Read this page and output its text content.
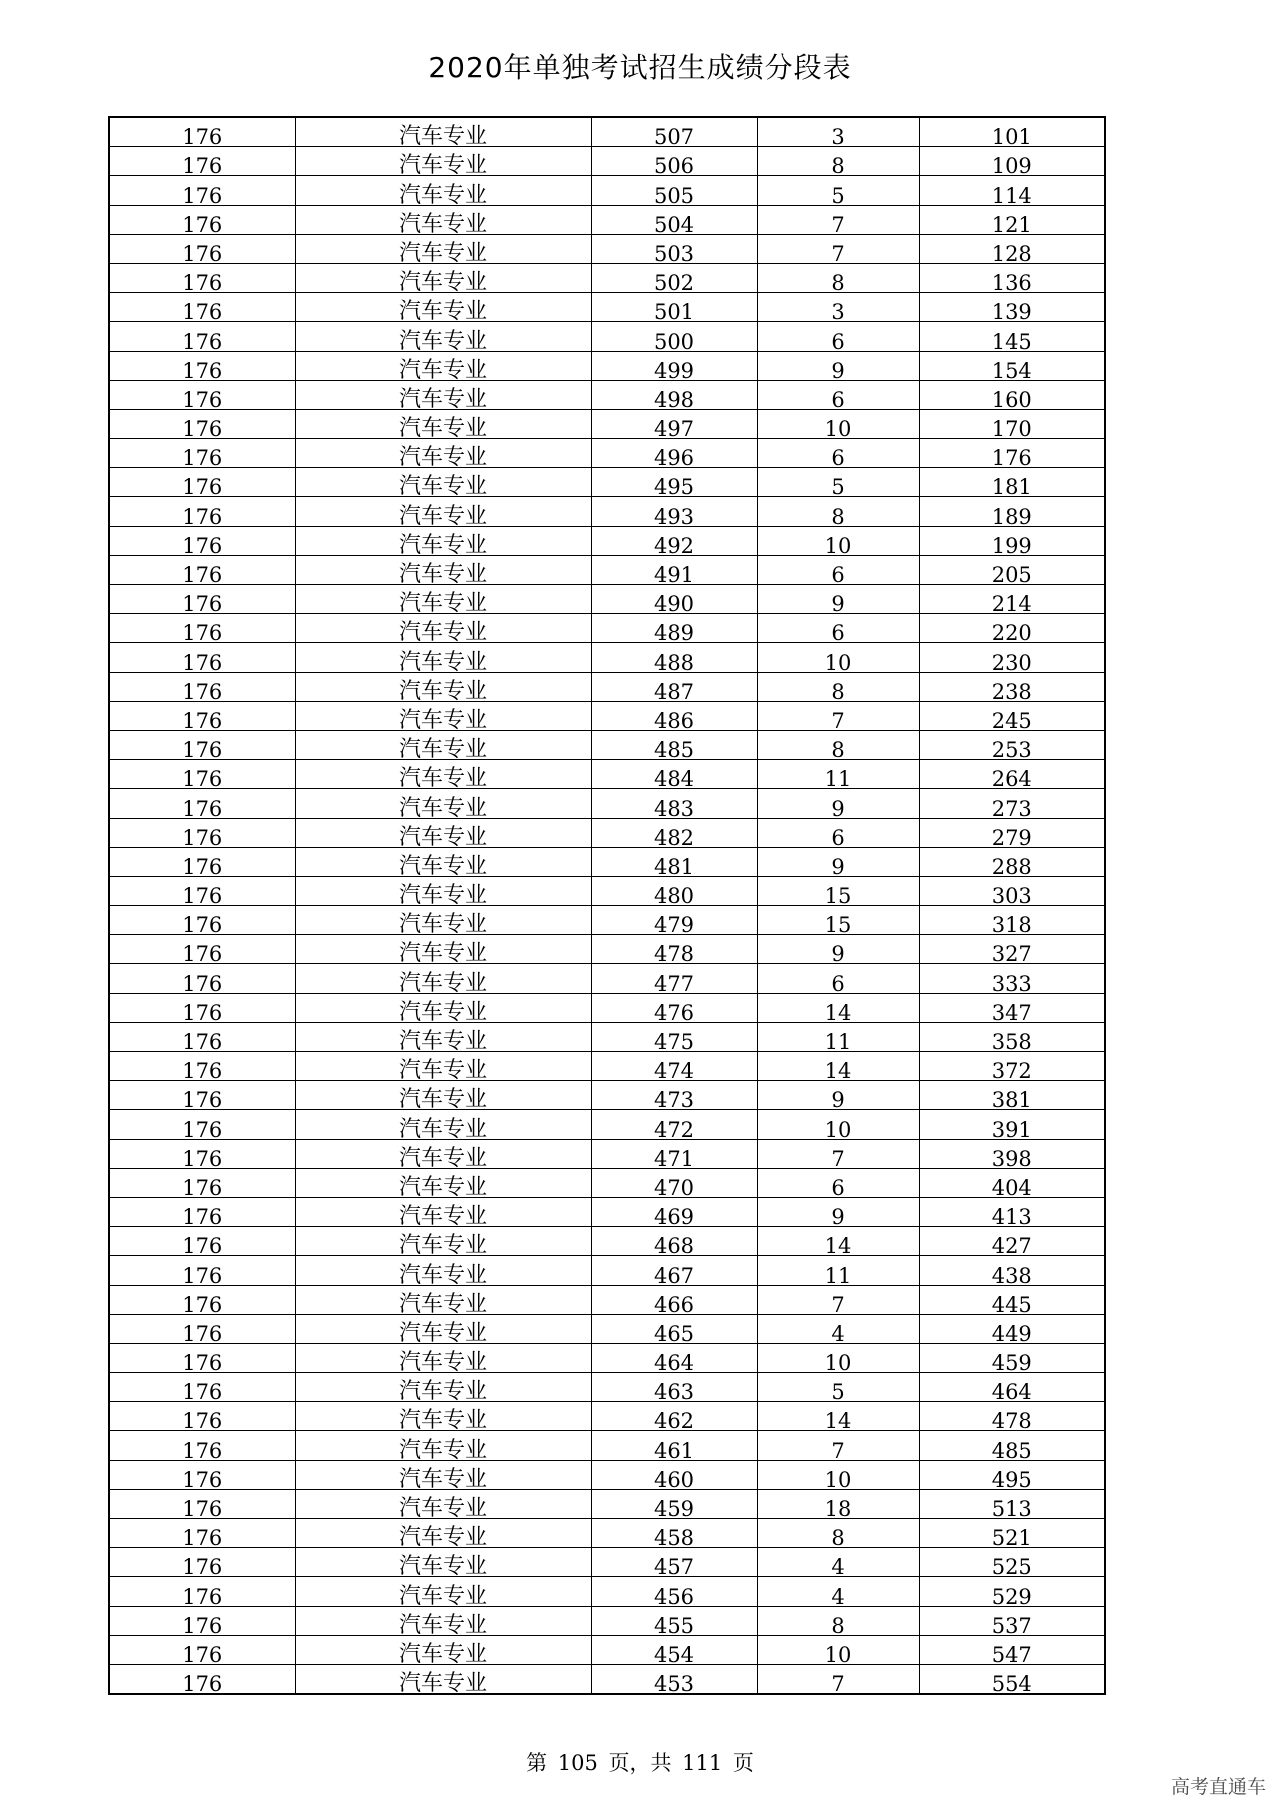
2020年单独考试招生成绩分段表
176	汽车专业	507	3	101
176	汽车专业	506	8	109
176	汽车专业	505	5	114
176	汽车专业	504	7	121
176	汽车专业	503	7	128
176	汽车专业	502	8	136
176	汽车专业	501	3	139
176	汽车专业	500	6	145
176	汽车专业	499	9	154
176	汽车专业	498	6	160
176	汽车专业	497	10	170
176	汽车专业	496	6	176
176	汽车专业	495	5	181
176	汽车专业	493	8	189
176	汽车专业	492	10	199
176	汽车专业	491	6	205
176	汽车专业	490	9	214
176	汽车专业	489	6	220
176	汽车专业	488	10	230
176	汽车专业	487	8	238
176	汽车专业	486	7	245
176	汽车专业	485	8	253
176	汽车专业	484	11	264
176	汽车专业	483	9	273
176	汽车专业	482	6	279
176	汽车专业	481	9	288
176	汽车专业	480	15	303
176	汽车专业	479	15	318
176	汽车专业	478	9	327
176	汽车专业	477	6	333
176	汽车专业	476	14	347
176	汽车专业	475	11	358
176	汽车专业	474	14	372
176	汽车专业	473	9	381
176	汽车专业	472	10	391
176	汽车专业	471	7	398
176	汽车专业	470	6	404
176	汽车专业	469	9	413
176	汽车专业	468	14	427
176	汽车专业	467	11	438
176	汽车专业	466	7	445
176	汽车专业	465	4	449
176	汽车专业	464	10	459
176	汽车专业	463	5	464
176	汽车专业	462	14	478
176	汽车专业	461	7	485
176	汽车专业	460	10	495
176	汽车专业	459	18	513
176	汽车专业	458	8	521
176	汽车专业	457	4	525
176	汽车专业	456	4	529
176	汽车专业	455	8	537
176	汽车专业	454	10	547
176	汽车专业	453	7	554
第 105 页，共 111 页
高考直通车
